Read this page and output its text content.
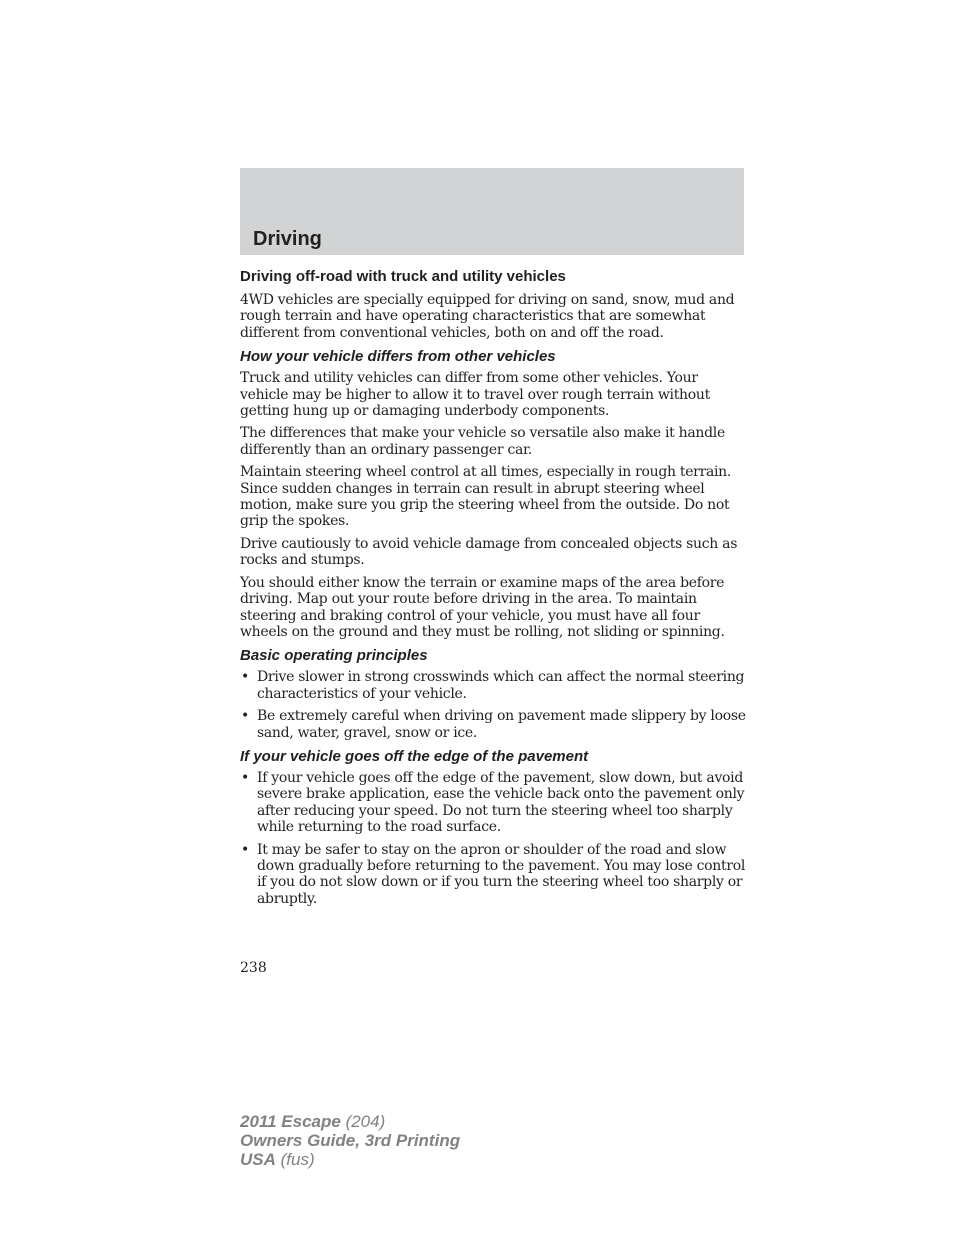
Driving
Driving off-road with truck and utility vehicles

4WD vehicles are specially equipped for driving on sand, snow, mud and rough terrain and have operating characteristics that are somewhat different from conventional vehicles, both on and off the road.

How your vehicle differs from other vehicles

Truck and utility vehicles can differ from some other vehicles. Your vehicle may be higher to allow it to travel over rough terrain without getting hung up or damaging underbody components.

The differences that make your vehicle so versatile also make it handle differently than an ordinary passenger car.

Maintain steering wheel control at all times, especially in rough terrain. Since sudden changes in terrain can result in abrupt steering wheel motion, make sure you grip the steering wheel from the outside. Do not grip the spokes.

Drive cautiously to avoid vehicle damage from concealed objects such as rocks and stumps.

You should either know the terrain or examine maps of the area before driving. Map out your route before driving in the area. To maintain steering and braking control of your vehicle, you must have all four wheels on the ground and they must be rolling, not sliding or spinning.

Basic operating principles
• Drive slower in strong crosswinds which can affect the normal steering characteristics of your vehicle.
• Be extremely careful when driving on pavement made slippery by loose sand, water, gravel, snow or ice.
If your vehicle goes off the edge of the pavement
• If your vehicle goes off the edge of the pavement, slow down, but avoid severe brake application, ease the vehicle back onto the pavement only after reducing your speed. Do not turn the steering wheel too sharply while returning to the road surface.
• It may be safer to stay on the apron or shoulder of the road and slow down gradually before returning to the pavement. You may lose control if you do not slow down or if you turn the steering wheel too sharply or abruptly.
238
2011 Escape (204)
Owners Guide, 3rd Printing
USA (fus)
